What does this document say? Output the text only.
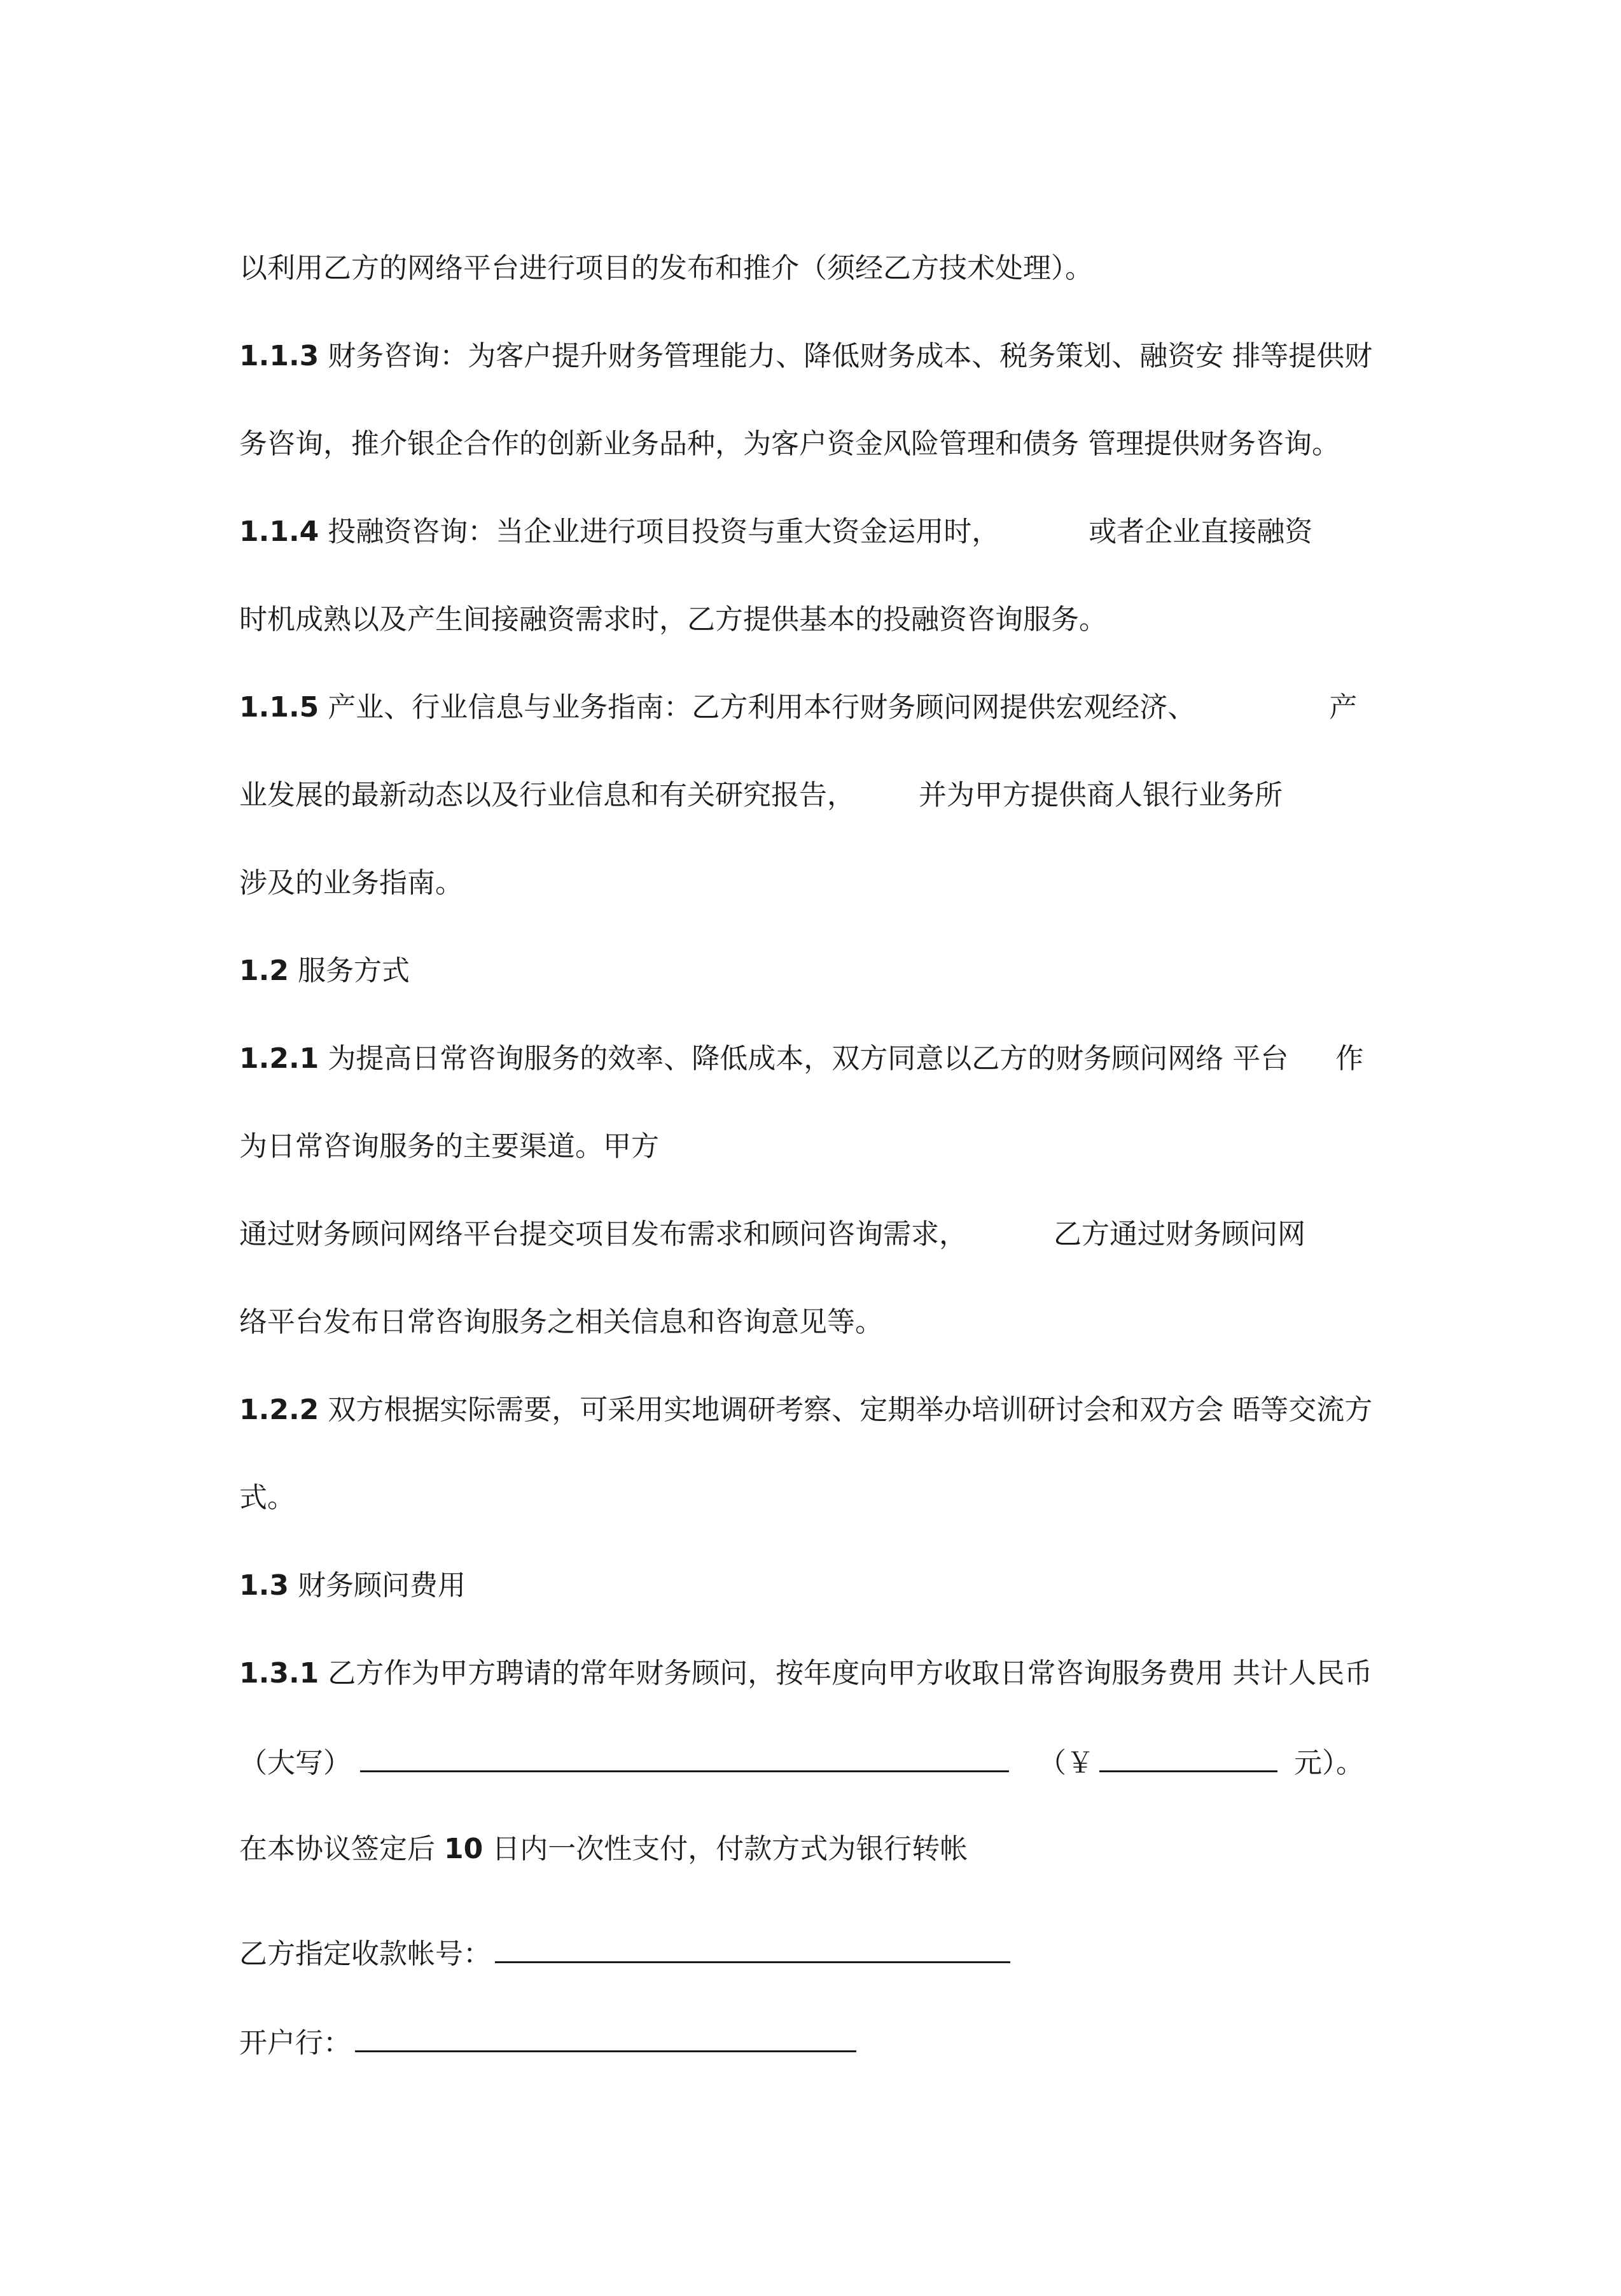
以利用乙方的网络平台进行项目的发布和推介（须经乙方技术处理）。
1.1.3 财务咨询：为客户提升财务管理能力、降低财务成本、税务策划、融资安 排等提供财
务咨询，推介银企合作的创新业务品种，为客户资金风险管理和债务 管理提供财务咨询。
1.1.4 投融资咨询：当企业进行项目投资与重大资金运用时，	或者企业直接融资
时机成熟以及产生间接融资需求时，乙方提供基本的投融资咨询服务。
1.1.5 产业、行业信息与业务指南：乙方利用本行财务顾问网提供宏观经济、	产
业发展的最新动态以及行业信息和有关研究报告， 并为甲方提供商人银行业务所
涉及的业务指南。
1.2 服务方式
1.2.1 为提高日常咨询服务的效率、降低成本，双方同意以乙方的财务顾问网络 平台 作
为日常咨询服务的主要渠道。甲方
通过财务顾问网络平台提交项目发布需求和顾问咨询需求，	乙方通过财务顾问网
络平台发布日常咨询服务之相关信息和咨询意见等。
1.2.2 双方根据实际需要，可采用实地调研考察、定期举办培训研讨会和双方会 晤等交流方
式。
1.3 财务顾问费用
1.3.1 乙方作为甲方聘请的常年财务顾问，按年度向甲方收取日常咨询服务费用 共计人民币
（大写）	（￥	元）。
在本协议签定后 10 日内一次性支付，付款方式为银行转帐
乙方指定收款帐号：
开户行：
